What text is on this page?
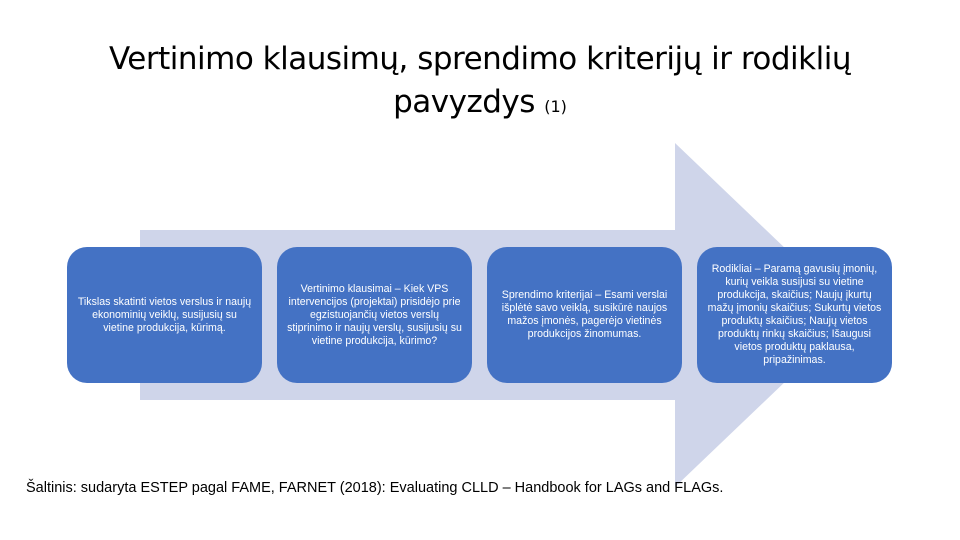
Vertinimo klausimų, sprendimo kriterijų ir rodiklių pavyzdys (1)
Tikslas skatinti vietos verslus ir naujų ekonominių veiklų, susijusių su vietine produkcija, kūrimą.
Vertinimo klausimai – Kiek VPS intervencijos (projektai) prisidėjo prie egzistuojančių vietos verslų stiprinimo ir naujų verslų, susijusių su vietine produkcija, kūrimo?
Sprendimo kriterijai – Esami verslai išplėtė savo veiklą, susikūrė naujos mažos įmonės, pagerėjo vietinės produkcijos žinomumas.
Rodikliai – Paramą gavusių įmonių, kurių veikla susijusi su vietine produkcija, skaičius; Naujų įkurtų mažų įmonių skaičius; Sukurtų vietos produktų skaičius; Naujų vietos produktų rinkų skaičius; Išaugusi vietos produktų paklausa, pripažinimas.
Šaltinis: sudaryta ESTEP pagal FAME, FARNET (2018): Evaluating CLLD – Handbook for LAGs and FLAGs.
